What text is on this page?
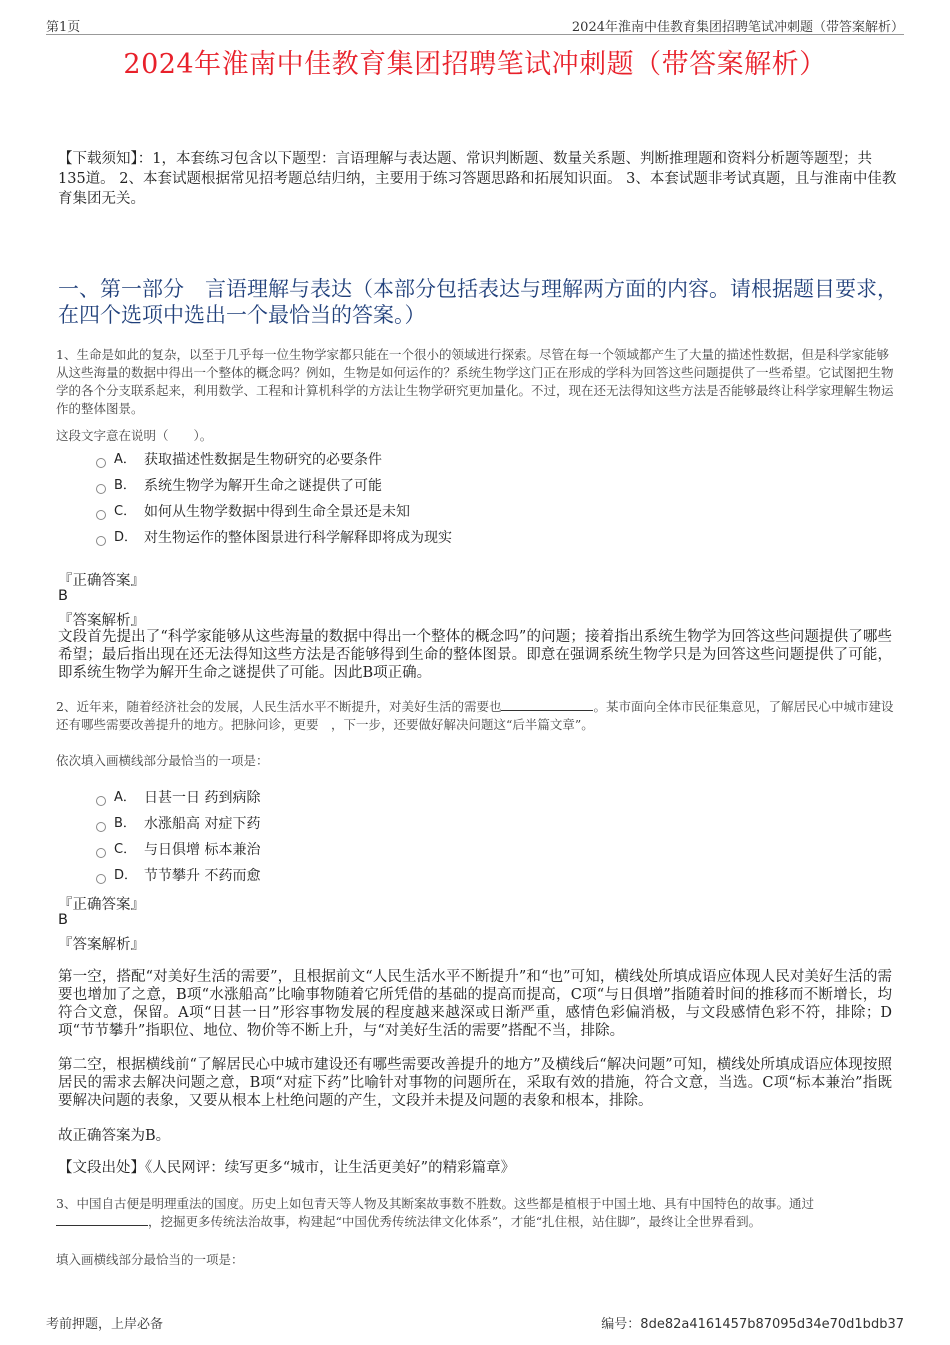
第1页	2024年淮南中佳教育集团招聘笔试冲刺题（带答案解析）
2024年淮南中佳教育集团招聘笔试冲刺题（带答案解析）
【下载须知】：1，本套练习包含以下题型：言语理解与表达题、常识判断题、数量关系题、判断推理题和资料分析题等题型；共135道。 2、本套试题根据常见招考题总结归纳，主要用于练习答题思路和拓展知识面。 3、本套试题非考试真题，且与淮南中佳教育集团无关。
一、第一部分　言语理解与表达（本部分包括表达与理解两方面的内容。请根据题目要求，在四个选项中选出一个最恰当的答案。）
1、生命是如此的复杂，以至于几乎每一位生物学家都只能在一个很小的领域进行探索。尽管在每一个领域都产生了大量的描述性数据，但是科学家能够从这些海量的数据中得出一个整体的概念吗？例如，生物是如何运作的？系统生物学这门正在形成的学科为回答这些问题提供了一些希望。它试图把生物学的各个分支联系起来，利用数学、工程和计算机科学的方法让生物学研究更加量化。不过，现在还无法得知这些方法是否能够最终让科学家理解生物运作的整体图景。
这段文字意在说明（　　）。
A． 获取描述性数据是生物研究的必要条件
B． 系统生物学为解开生命之谜提供了可能
C． 如何从生物学数据中得到生命全景还是未知
D． 对生物运作的整体图景进行科学解释即将成为现实
『正确答案』
B
『答案解析』
文段首先提出了“科学家能够从这些海量的数据中得出一个整体的概念吗”的问题；接着指出系统生物学为回答这些问题提供了哪些希望；最后指出现在还无法得知这些方法是否能够得到生命的整体图景。即意在强调系统生物学只是为回答这些问题提供了可能，即系统生物学为解开生命之谜提供了可能。因此B项正确。
2、近年来，随着经济社会的发展，人民生活水平不断提升，对美好生活的需要也	。某市面向全体市民征集意见，了解居民心中城市建设还有哪些需要改善提升的地方。把脉问诊，更要　，下一步，还要做好解决问题这“后半篇文章”。
依次填入画横线部分最恰当的一项是：
A． 日甚一日 药到病除
B． 水涨船高 对症下药
C． 与日俱增 标本兼治
D． 节节攀升 不药而愈
『正确答案』
B
『答案解析』
第一空，搭配“对美好生活的需要”，且根据前文“人民生活水平不断提升”和“也”可知，横线处所填成语应体现人民对美好生活的需要也增加了之意，B项“水涨船高”比喻事物随着它所凭借的基础的提高而提高，C项“与日俱增”指随着时间的推移而不断增长，均符合文意，保留。A项“日甚一日”形容事物发展的程度越来越深或日渐严重，感情色彩偏消极，与文段感情色彩不符，排除；D项“节节攀升”指职位、地位、物价等不断上升，与“对美好生活的需要”搭配不当，排除。
第二空，根据横线前“了解居民心中城市建设还有哪些需要改善提升的地方”及横线后“解决问题”可知，横线处所填成语应体现按照居民的需求去解决问题之意，B项“对症下药”比喻针对事物的问题所在，采取有效的措施，符合文意，当选。C项“标本兼治”指既要解决问题的表象，又要从根本上杜绝问题的产生，文段并未提及问题的表象和根本，排除。
故正确答案为B。
【文段出处】《人民网评：续写更多“城市，让生活更美好”的精彩篇章》
3、中国自古便是明理重法的国度。历史上如包青天等人物及其断案故事数不胜数。这些都是植根于中国土地、具有中国特色的故事。通过，挖掘更多传统法治故事，构建起“中国优秀传统法律文化体系”，才能“扎住根，站住脚”，最终让全世界看到。
填入画横线部分最恰当的一项是：
考前押题，上岸必备	编号：8de82a4161457b87095d34e70d1bdb37
